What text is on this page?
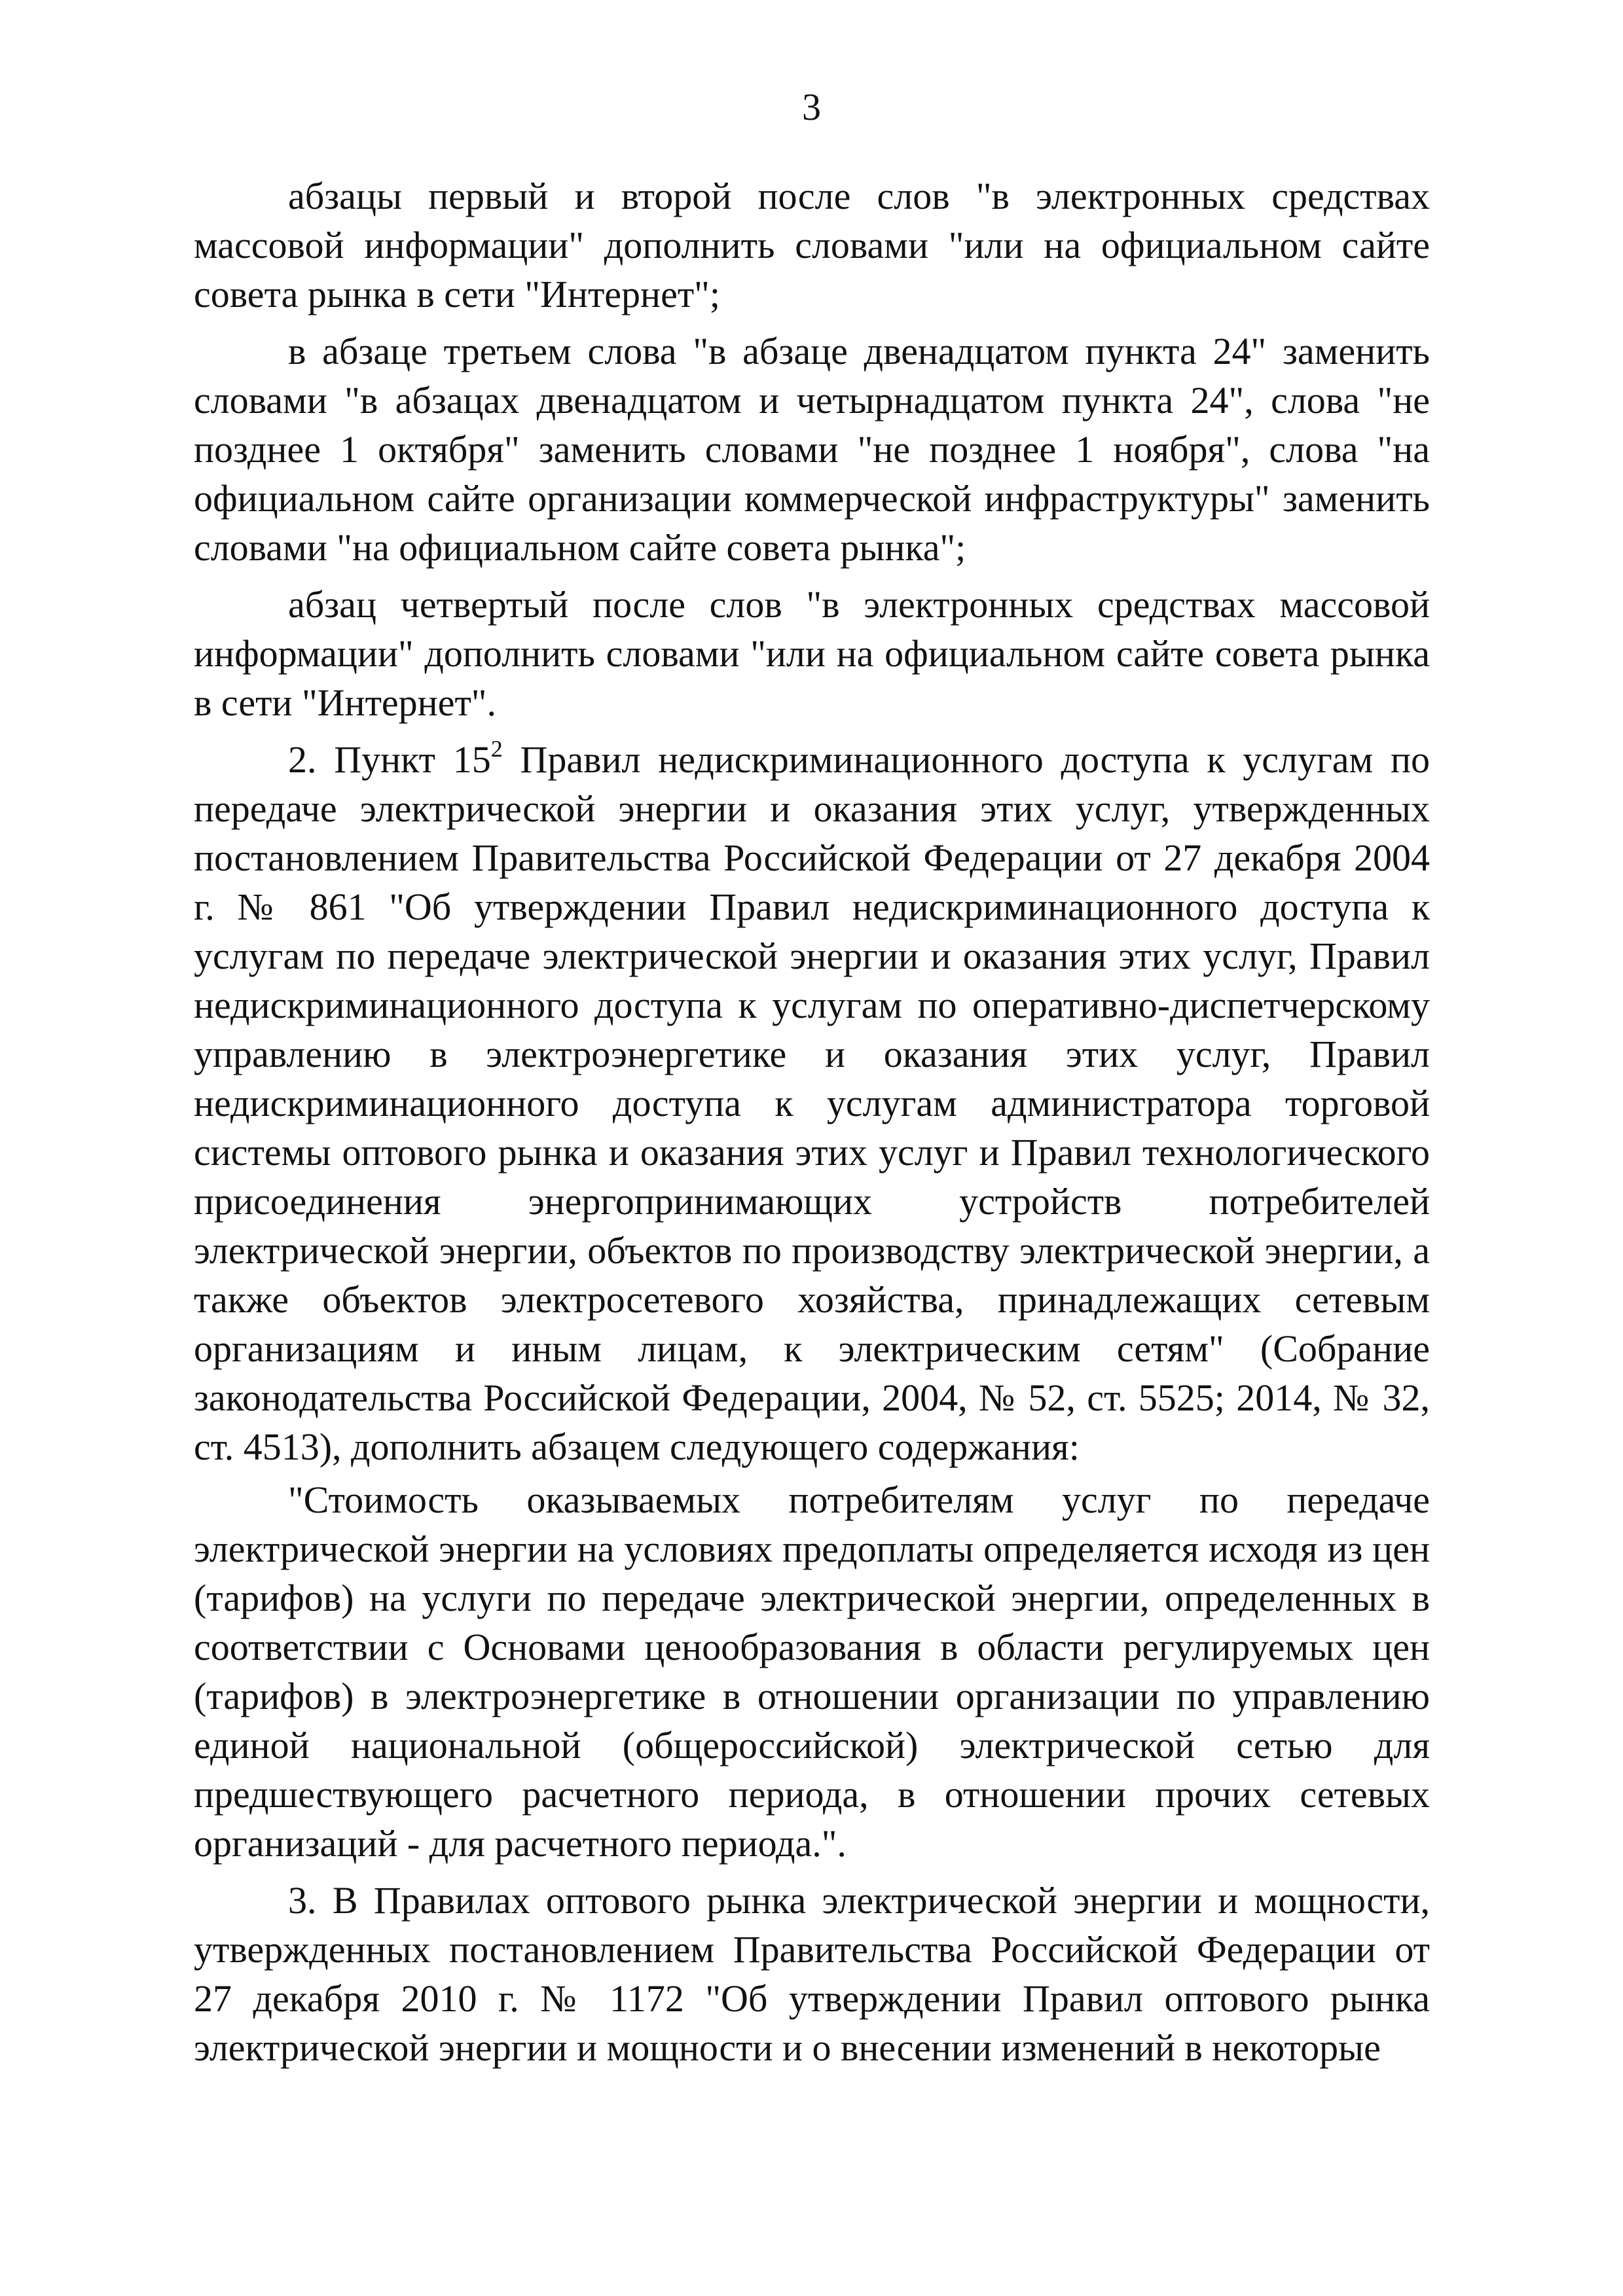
3

абзацы первый и второй после слов "в электронных средствах массовой информации" дополнить словами "или на официальном сайте совета рынка в сети "Интернет";

в абзаце третьем слова "в абзаце двенадцатом пункта 24" заменить словами "в абзацах двенадцатом и четырнадцатом пункта 24", слова "не позднее 1 октября" заменить словами "не позднее 1 ноября", слова "на официальном сайте организации коммерческой инфраструктуры" заменить словами "на официальном сайте совета рынка";

абзац четвертый после слов "в электронных средствах массовой информации" дополнить словами "или на официальном сайте совета рынка в сети "Интернет".

2. Пункт $15^2$ Правил недискриминационного доступа к услугам по передаче электрической энергии и оказания этих услуг, утвержденных постановлением Правительства Российской Федерации от 27 декабря 2004 г. № 861 "Об утверждении Правил недискриминационного доступа к услугам по передаче электрической энергии и оказания этих услуг, Правил недискриминационного доступа к услугам по оперативно-диспетчерскому управлению в электроэнергетике и оказания этих услуг, Правил недискриминационного доступа к услугам администратора торговой системы оптового рынка и оказания этих услуг и Правил технологического присоединения энергопринимающих устройств потребителей электрической энергии, объектов по производству электрической энергии, а также объектов электросетевого хозяйства, принадлежащих сетевым организациям и иным лицам, к электрическим сетям" (Собрание законодательства Российской Федерации, 2004, № 52, ст. 5525; 2014, № 32, ст. 4513), дополнить абзацем следующего содержания:

"Стоимость оказываемых потребителям услуг по передаче электрической энергии на условиях предоплаты определяется исходя из цен (тарифов) на услуги по передаче электрической энергии, определенных в соответствии с Основами ценообразования в области регулируемых цен (тарифов) в электроэнергетике в отношении организации по управлению единой национальной (общероссийской) электрической сетью для предшествующего расчетного периода, в отношении прочих сетевых организаций - для расчетного периода.".

3. В Правилах оптового рынка электрической энергии и мощности, утвержденных постановлением Правительства Российской Федерации от 27 декабря 2010 г. № 1172 "Об утверждении Правил оптового рынка электрической энергии и мощности и о внесении изменений в некоторые
